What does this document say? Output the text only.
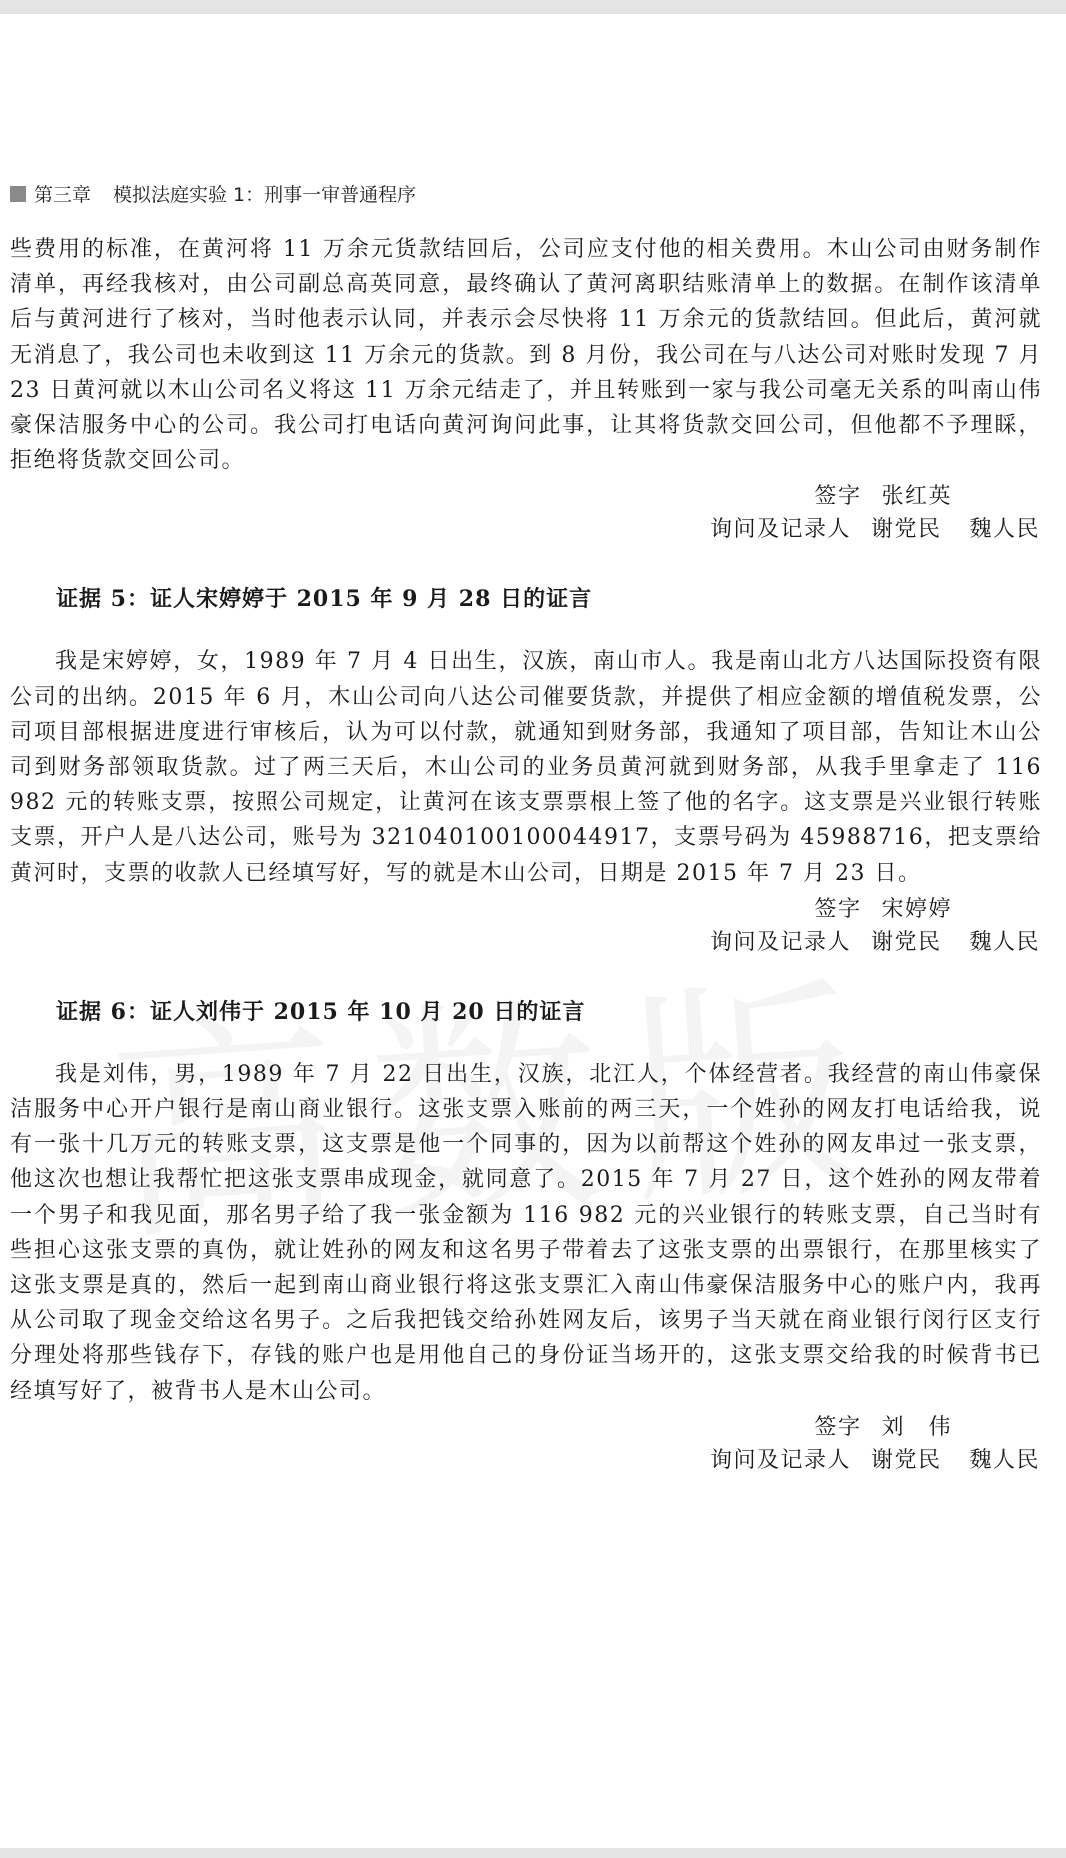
第三章 模拟法庭实验 1：刑事一审普通程序

些费用的标准，在黄河将 11 万余元货款结回后，公司应支付他的相关费用。木山公司由财务制作清单，再经我核对，由公司副总高英同意，最终确认了黄河离职结账清单上的数据。在制作该清单后与黄河进行了核对，当时他表示认同，并表示会尽快将 11 万余元的货款结回。但此后，黄河就无消息了，我公司也未收到这 11 万余元的货款。到 8 月份，我公司在与八达公司对账时发现 7 月 23 日黄河就以木山公司名义将这 11 万余元结走了，并且转账到一家与我公司毫无关系的叫南山伟豪保洁服务中心的公司。我公司打电话向黄河询问此事，让其将货款交回公司，但他都不予理睬，拒绝将货款交回公司。

签字 张红英
询问及记录人 谢党民 魏人民
证据 5：证人宋婷婷于 2015 年 9 月 28 日的证言

我是宋婷婷，女，1989 年 7 月 4 日出生，汉族，南山市人。我是南山北方八达国际投资有限公司的出纳。2015 年 6 月，木山公司向八达公司催要货款，并提供了相应金额的增值税发票，公司项目部根据进度进行审核后，认为可以付款，就通知到财务部，我通知了项目部，告知让木山公司到财务部领取货款。过了两三天后，木山公司的业务员黄河就到财务部，从我手里拿走了 116 982 元的转账支票，按照公司规定，让黄河在该支票票根上签了他的名字。这支票是兴业银行转账支票，开户人是八达公司，账号为 321040100100044917，支票号码为 45988716，把支票给黄河时，支票的收款人已经填写好，写的就是木山公司，日期是 2015 年 7 月 23 日。

签字 宋婷婷
询问及记录人 谢党民 魏人民
证据 6：证人刘伟于 2015 年 10 月 20 日的证言

我是刘伟，男，1989 年 7 月 22 日出生，汉族，北江人，个体经营者。我经营的南山伟豪保洁服务中心开户银行是南山商业银行。这张支票入账前的两三天，一个姓孙的网友打电话给我，说有一张十几万元的转账支票，这支票是他一个同事的，因为以前帮这个姓孙的网友串过一张支票，他这次也想让我帮忙把这张支票串成现金，就同意了。2015 年 7 月 27 日，这个姓孙的网友带着一个男子和我见面，那名男子给了我一张金额为 116 982 元的兴业银行的转账支票，自己当时有些担心这张支票的真伪，就让姓孙的网友和这名男子带着去了这张支票的出票银行，在那里核实了这张支票是真的，然后一起到南山商业银行将这张支票汇入南山伟豪保洁服务中心的账户内，我再从公司取了现金交给这名男子。之后我把钱交给孙姓网友后，该男子当天就在商业银行闵行区支行分理处将那些钱存下，存钱的账户也是用他自己的身份证当场开的，这张支票交给我的时候背书已经填写好了，被背书人是木山公司。

签字 刘　伟
询问及记录人 谢党民 魏人民
